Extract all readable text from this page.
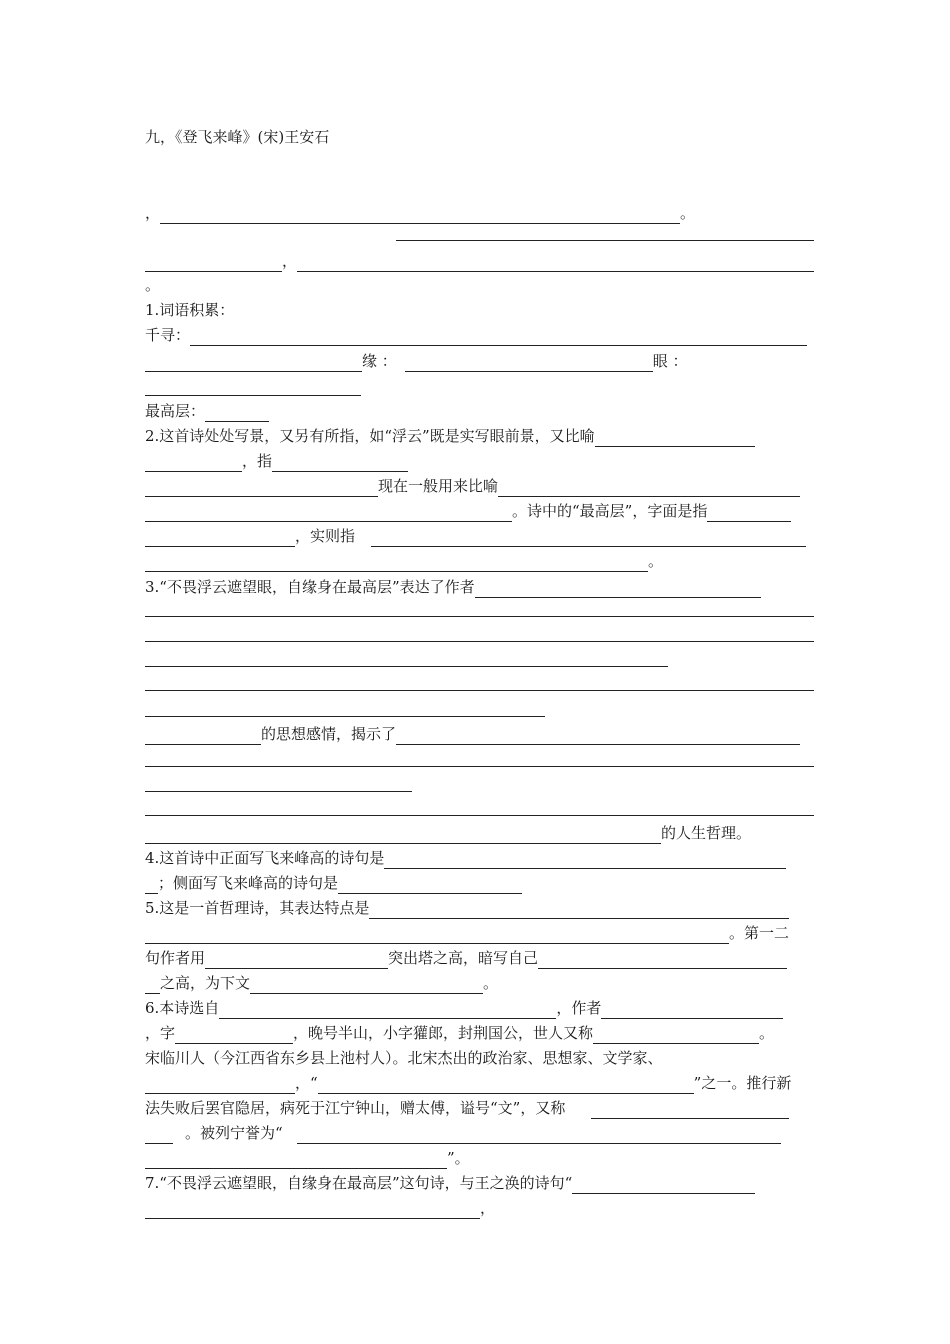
九，《登飞来峰》(宋)王安石
，	。
，
。
1.词语积累：
千寻：
缘 ：	眼 ：
最高层：
2.这首诗处处写景，又另有所指，如“浮云”既是实写眼前景，又比喻
，指
现在一般用来比喻
。诗中的“最高层”，字面是指
，实则指
。
3.“不畏浮云遮望眼，自缘身在最高层”表达了作者
的思想感情，揭示了
的人生哲理。
4.这首诗中正面写飞来峰高的诗句是
；侧面写飞来峰高的诗句是
5.这是一首哲理诗，其表达特点是
。第一二
句作者用	突出塔之高，暗写自己
之高，为下文	。
6.本诗选自	，作者
，字	，晚号半山，小字獾郎，封荆国公，世人又称	。
宋临川人（今江西省东乡县上池村人）。北宋杰出的政治家、思想家、文学家、
，“	”之一。推行新
法失败后罢官隐居，病死于江宁钟山，赠太傅，谥号“文”，又称
。被列宁誉为“
”。
7.“不畏浮云遮望眼，自缘身在最高层”这句诗，与王之涣的诗句“
，
